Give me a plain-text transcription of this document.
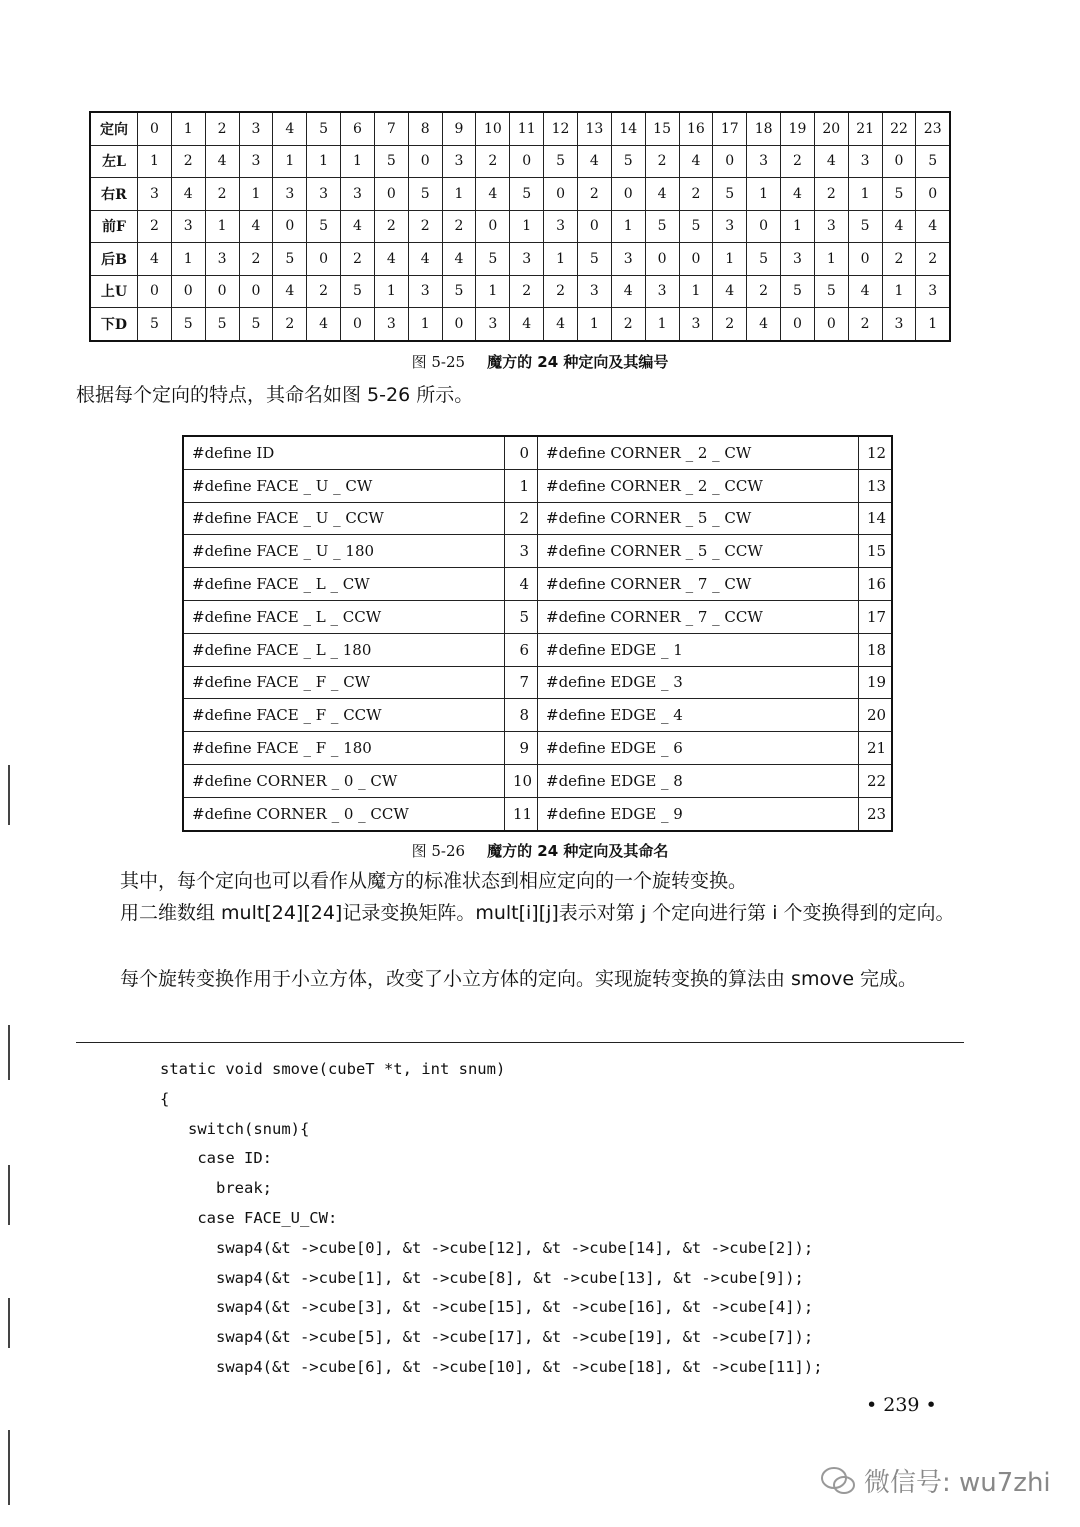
定向	0	1	2	3	4	5	6	7	8	9	10	11	12	13	14	15	16	17	18	19	20	21	22	23
左L	1	2	4	3	1	1	1	5	0	3	2	0	5	4	5	2	4	0	3	2	4	3	0	5
右R	3	4	2	1	3	3	3	0	5	1	4	5	0	2	0	4	2	5	1	4	2	1	5	0
前F	2	3	1	4	0	5	4	2	2	2	0	1	3	0	1	5	5	3	0	1	3	5	4	4
后B	4	1	3	2	5	0	2	4	4	4	5	3	1	5	3	0	0	1	5	3	1	0	2	2
上U	0	0	0	0	4	2	5	1	3	5	1	2	2	3	4	3	1	4	2	5	5	4	1	3
下D	5	5	5	5	2	4	0	3	1	0	3	4	4	1	2	1	3	2	4	0	0	2	3	1
图 5-25 魔方的 24 种定向及其编号

根据每个定向的特点，其命名如图 5-26 所示。

#define ID	0	#define CORNER _ 2 _ CW	12
#define FACE _ U _ CW	1	#define CORNER _ 2 _ CCW	13
#define FACE _ U _ CCW	2	#define CORNER _ 5 _ CW	14
#define FACE _ U _ 180	3	#define CORNER _ 5 _ CCW	15
#define FACE _ L _ CW	4	#define CORNER _ 7 _ CW	16
#define FACE _ L _ CCW	5	#define CORNER _ 7 _ CCW	17
#define FACE _ L _ 180	6	#define EDGE _ 1	18
#define FACE _ F _ CW	7	#define EDGE _ 3	19
#define FACE _ F _ CCW	8	#define EDGE _ 4	20
#define FACE _ F _ 180	9	#define EDGE _ 6	21
#define CORNER _ 0 _ CW	10	#define EDGE _ 8	22
#define CORNER _ 0 _ CCW	11	#define EDGE _ 9	23
图 5-26 魔方的 24 种定向及其命名

其中，每个定向也可以看作从魔方的标准状态到相应定向的一个旋转变换。

用二维数组 mult[24][24]记录变换矩阵。mult[i][j]表示对第 j 个定向进行第 i 个变换得到的定向。

每个旋转变换作用于小立方体，改变了小立方体的定向。实现旋转变换的算法由 smove 完成。

static void smove(cubeT *t, int snum)
{
switch(snum){
case ID:
break;
case FACE_U_CW:
swap4(&t ->cube[0], &t ->cube[12], &t ->cube[14], &t ->cube[2]);
swap4(&t ->cube[1], &t ->cube[8], &t ->cube[13], &t ->cube[9]);
swap4(&t ->cube[3], &t ->cube[15], &t ->cube[16], &t ->cube[4]);
swap4(&t ->cube[5], &t ->cube[17], &t ->cube[19], &t ->cube[7]);
swap4(&t ->cube[6], &t ->cube[10], &t ->cube[18], &t ->cube[11]);
• 239 •
微信号: wu7zhi
